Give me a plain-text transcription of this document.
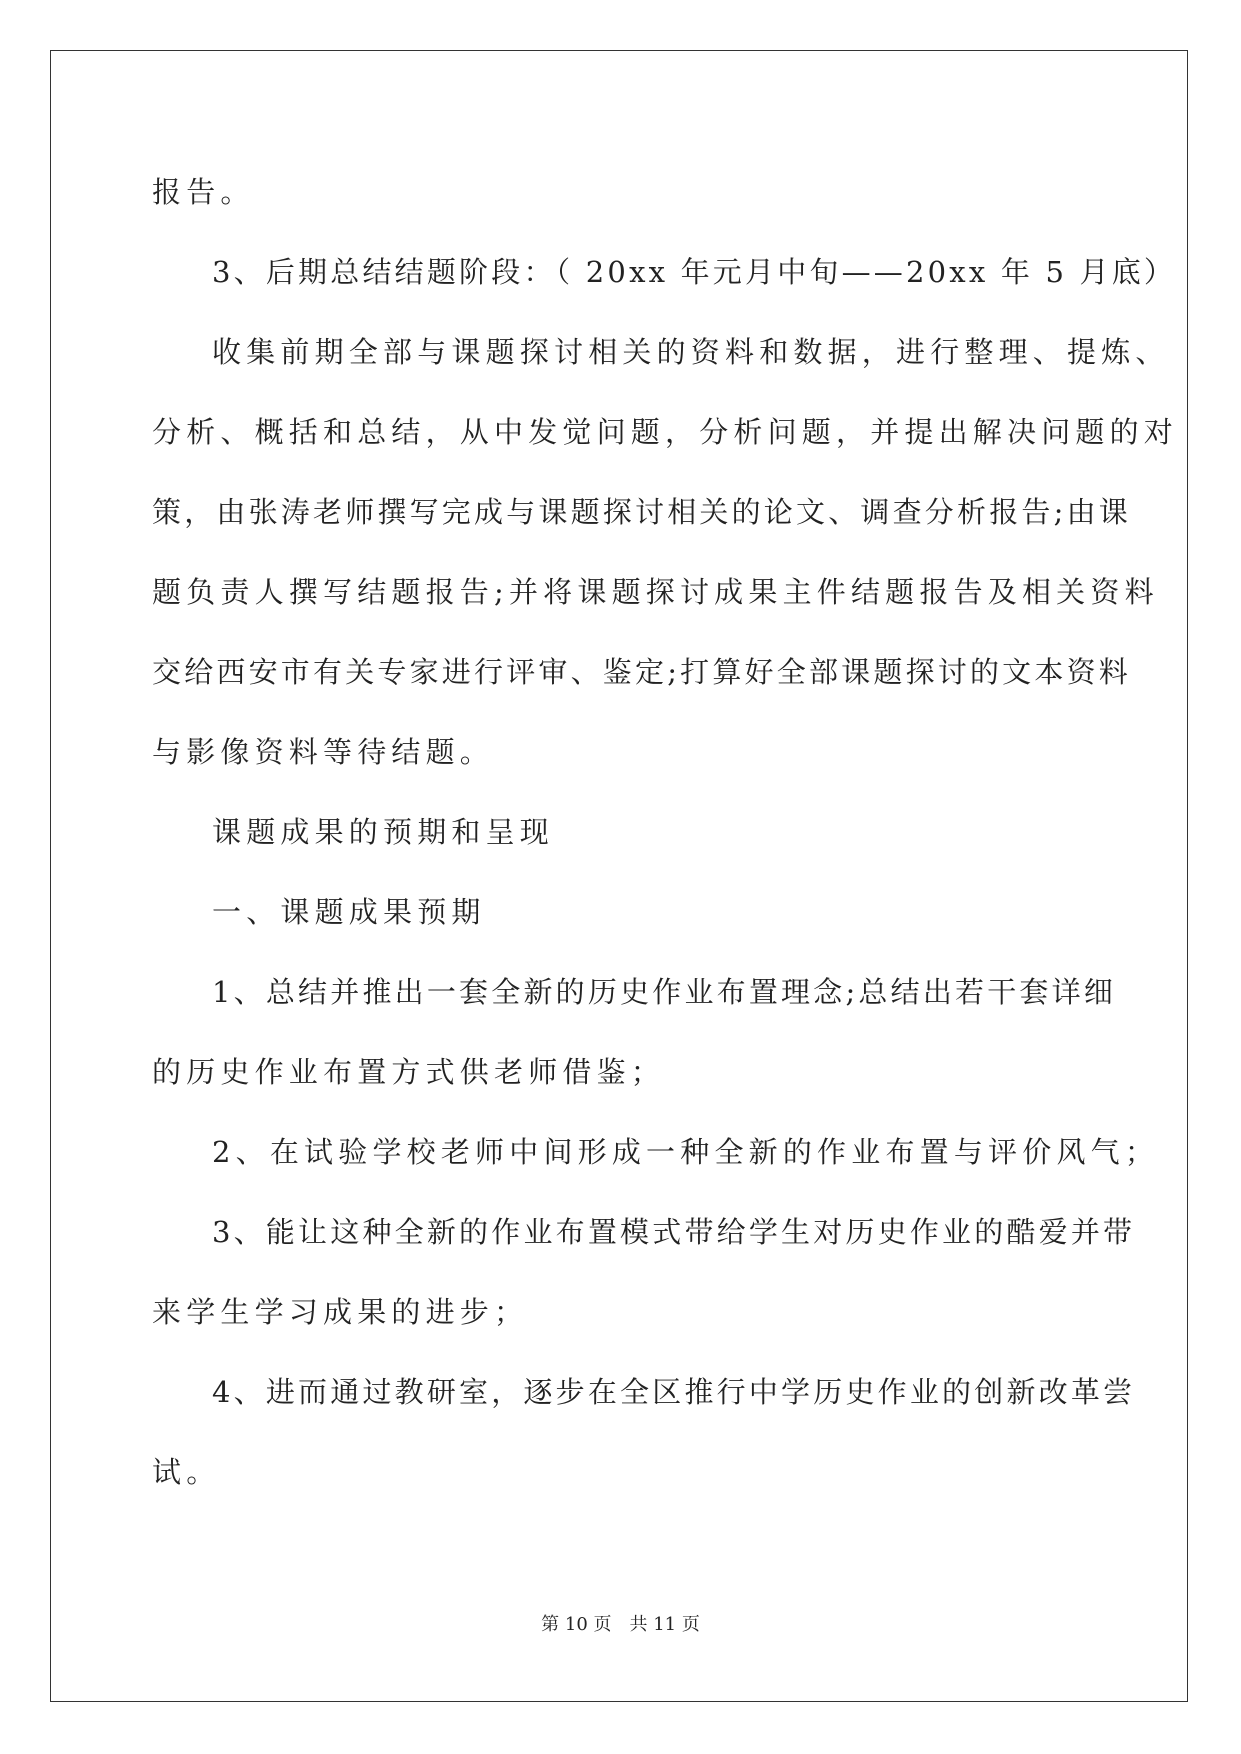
报告。
3、后期总结结题阶段：（ 20xx 年元月中旬——20xx 年 5 月底）
收集前期全部与课题探讨相关的资料和数据，进行整理、提炼、
分析、概括和总结，从中发觉问题，分析问题，并提出解决问题的对
策，由张涛老师撰写完成与课题探讨相关的论文、调查分析报告;由课
题负责人撰写结题报告;并将课题探讨成果主件结题报告及相关资料
交给西安市有关专家进行评审、鉴定;打算好全部课题探讨的文本资料
与影像资料等待结题。
课题成果的预期和呈现
一、课题成果预期
1、总结并推出一套全新的历史作业布置理念;总结出若干套详细
的历史作业布置方式供老师借鉴；
2、在试验学校老师中间形成一种全新的作业布置与评价风气；
3、能让这种全新的作业布置模式带给学生对历史作业的酷爱并带
来学生学习成果的进步；
4、进而通过教研室，逐步在全区推行中学历史作业的创新改革尝
试。
第 10 页 共 11 页
